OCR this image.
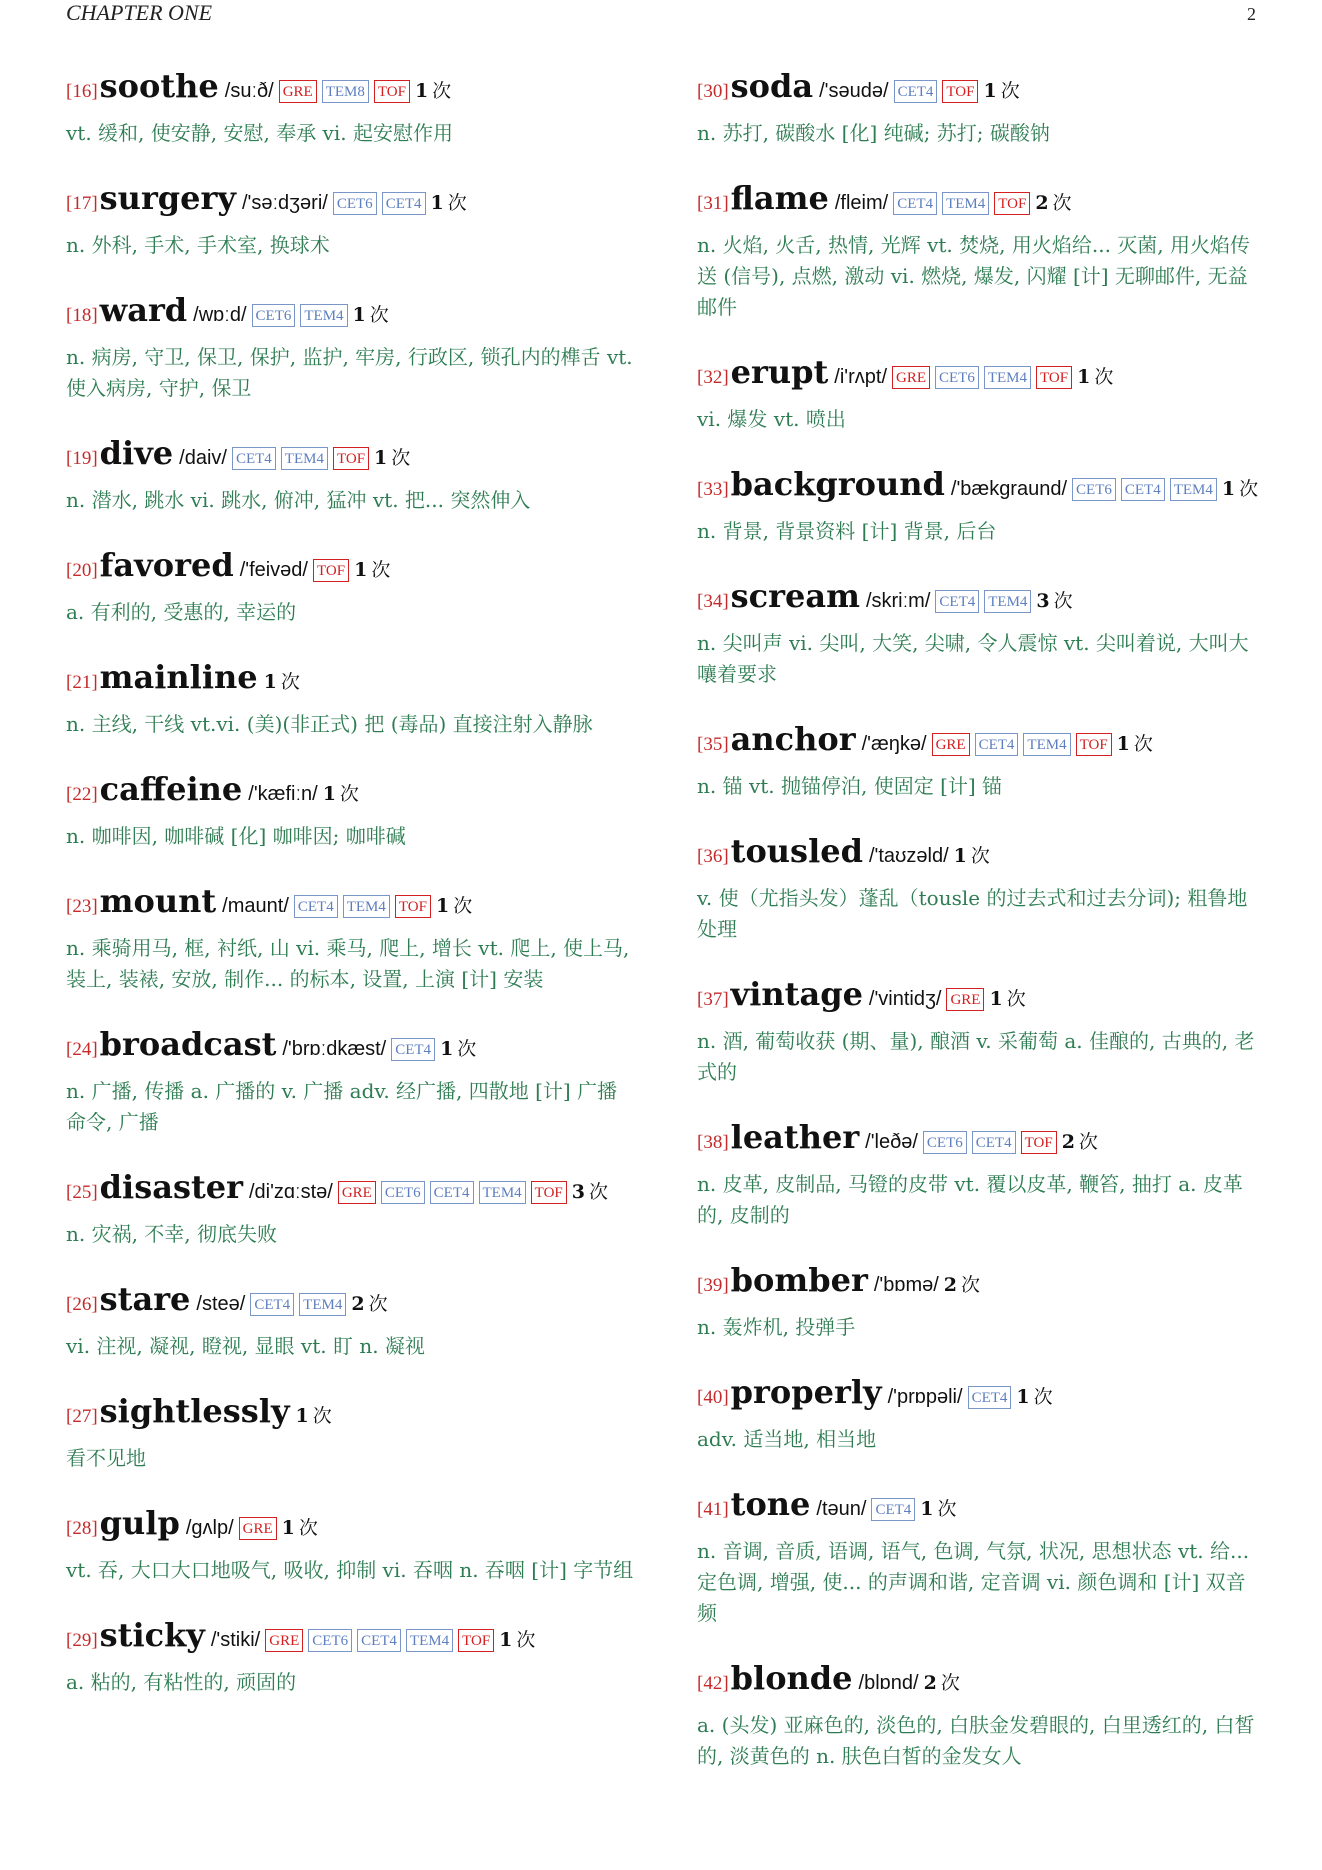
CHAPTER ONE	2
[16]soothe /suːð/ GRE TEM8 TOF 1 次
vt. 缓和, 使安静, 安慰, 奉承 vi. 起安慰作用
[17]surgery /'səːdʒəri/ CET6 CET4 1 次
n. 外科, 手术, 手术室, 换球术
[18]ward /wɒːd/ CET6 TEM4 1 次
n. 病房, 守卫, 保卫, 保护, 监护, 牢房, 行政区, 锁孔内的榫舌 vt. 使入病房, 守护, 保卫
[19]dive /daiv/ CET4 TEM4 TOF 1 次
n. 潜水, 跳水 vi. 跳水, 俯冲, 猛冲 vt. 把... 突然伸入
[20]favored /'feivəd/ TOF 1 次
a. 有利的, 受惠的, 幸运的
[21]mainline 1 次
n. 主线, 干线 vt.vi. (美)(非正式) 把 (毒品) 直接注射入静脉
[22]caffeine /'kæfiːn/ 1 次
n. 咖啡因, 咖啡碱 [化] 咖啡因; 咖啡碱
[23]mount /maunt/ CET4 TEM4 TOF 1 次
n. 乘骑用马, 框, 衬纸, 山 vi. 乘马, 爬上, 增长 vt. 爬上, 使上马, 装上, 装裱, 安放, 制作... 的标本, 设置, 上演 [计] 安装
[24]broadcast /'brɒːdkæst/ CET4 1 次
n. 广播, 传播 a. 广播的 v. 广播 adv. 经广播, 四散地 [计] 广播命令, 广播
[25]disaster /di'zɑːstə/ GRE CET6 CET4 TEM4 TOF 3 次
n. 灾祸, 不幸, 彻底失败
[26]stare /steə/ CET4 TEM4 2 次
vi. 注视, 凝视, 瞪视, 显眼 vt. 盯 n. 凝视
[27]sightlessly 1 次
看不见地
[28]gulp /gʌlp/ GRE 1 次
vt. 吞, 大口大口地吸气, 吸收, 抑制 vi. 吞咽 n. 吞咽 [计] 字节组
[29]sticky /'stiki/ GRE CET6 CET4 TEM4 TOF 1 次
a. 粘的, 有粘性的, 顽固的
[30]soda /'səudə/ CET4 TOF 1 次
n. 苏打, 碳酸水 [化] 纯碱; 苏打; 碳酸钠
[31]flame /fleim/ CET4 TEM4 TOF 2 次
n. 火焰, 火舌, 热情, 光辉 vt. 焚烧, 用火焰给... 灭菌, 用火焰传送 (信号), 点燃, 激动 vi. 燃烧, 爆发, 闪耀 [计] 无聊邮件, 无益邮件
[32]erupt /i'rʌpt/ GRE CET6 TEM4 TOF 1 次
vi. 爆发 vt. 喷出
[33]background /'bækgraund/ CET6 CET4 TEM4 1 次
n. 背景, 背景资料 [计] 背景, 后台
[34]scream /skriːm/ CET4 TEM4 3 次
n. 尖叫声 vi. 尖叫, 大笑, 尖啸, 令人震惊 vt. 尖叫着说, 大叫大嚷着要求
[35]anchor /'æŋkə/ GRE CET4 TEM4 TOF 1 次
n. 锚 vt. 抛锚停泊, 使固定 [计] 锚
[36]tousled /'taʊzəld/ 1 次
v. 使（尤指头发）蓬乱（tousle 的过去式和过去分词); 粗鲁地处理
[37]vintage /'vintidʒ/ GRE 1 次
n. 酒, 葡萄收获 (期、量), 酿酒 v. 采葡萄 a. 佳酿的, 古典的, 老式的
[38]leather /'leðə/ CET6 CET4 TOF 2 次
n. 皮革, 皮制品, 马镫的皮带 vt. 覆以皮革, 鞭笞, 抽打 a. 皮革的, 皮制的
[39]bomber /'bɒmə/ 2 次
n. 轰炸机, 投弹手
[40]properly /'prɒpəli/ CET4 1 次
adv. 适当地, 相当地
[41]tone /təun/ CET4 1 次
n. 音调, 音质, 语调, 语气, 色调, 气氛, 状况, 思想状态 vt. 给... 定色调, 增强, 使... 的声调和谐, 定音调 vi. 颜色调和 [计] 双音频
[42]blonde /blɒnd/ 2 次
a. (头发) 亚麻色的, 淡色的, 白肤金发碧眼的, 白里透红的, 白皙的, 淡黄色的 n. 肤色白皙的金发女人
